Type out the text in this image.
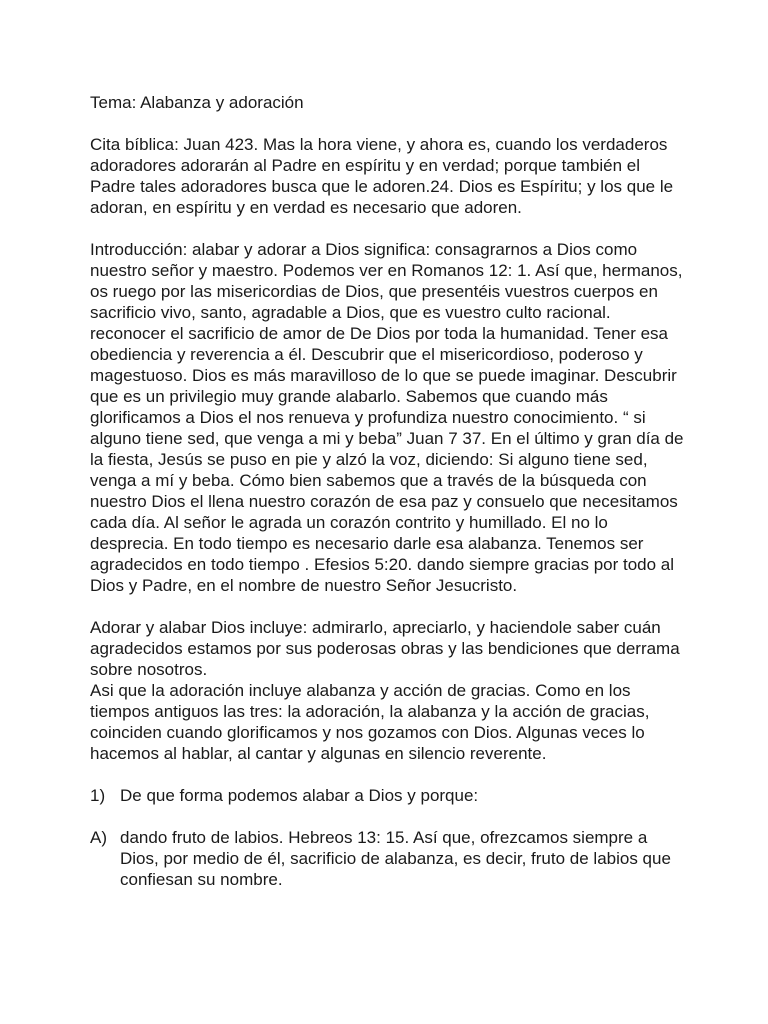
Tema: Alabanza y adoración

Cita bíblica: Juan 423. Mas la hora viene, y ahora es, cuando los verdaderos adoradores adorarán al Padre en espíritu y en verdad; porque también el Padre tales adoradores busca que le adoren.24. Dios es Espíritu; y los que le adoran, en espíritu y en verdad es necesario que adoren.

Introducción: alabar y adorar a Dios significa: consagrarnos a Dios como nuestro señor y maestro. Podemos ver en Romanos 12: 1. Así que, hermanos, os ruego por las misericordias de Dios, que presentéis vuestros cuerpos en sacrificio vivo, santo, agradable a Dios, que es vuestro culto racional. reconocer el sacrificio de amor de De Dios por toda la humanidad. Tener esa obediencia y reverencia a él. Descubrir que el misericordioso, poderoso y magestuoso. Dios es más maravilloso de lo que se puede imaginar. Descubrir que es un privilegio muy grande alabarlo. Sabemos que cuando más glorificamos a Dios el nos renueva y profundiza nuestro conocimiento. “ si alguno tiene sed, que venga a mi y beba” Juan 7 37. En el último y gran día de la fiesta, Jesús se puso en pie y alzó la voz, diciendo: Si alguno tiene sed, venga a mí y beba. Cómo bien sabemos que a través de la búsqueda con nuestro Dios el llena nuestro corazón de esa paz y consuelo que necesitamos cada día. Al señor le agrada un corazón contrito y humillado. El no lo desprecia. En todo tiempo es necesario darle esa alabanza. Tenemos ser agradecidos en todo tiempo . Efesios 5:20. dando siempre gracias por todo al Dios y Padre, en el nombre de nuestro Señor Jesucristo.

Adorar y alabar Dios incluye: admirarlo, apreciarlo, y haciendole saber cuán agradecidos estamos por sus poderosas obras y las bendiciones que derrama sobre nosotros.

Asi que la adoración incluye alabanza y acción de gracias. Como en los tiempos antiguos las tres: la adoración, la alabanza y la acción de gracias, coinciden cuando glorificamos y nos gozamos con Dios. Algunas veces lo hacemos al hablar, al cantar y algunas en silencio reverente.

1) De que forma podemos alabar a Dios y porque:
A) dando fruto de labios. Hebreos 13: 15. Así que, ofrezcamos siempre a Dios, por medio de él, sacrificio de alabanza, es decir, fruto de labios que confiesan su nombre.
